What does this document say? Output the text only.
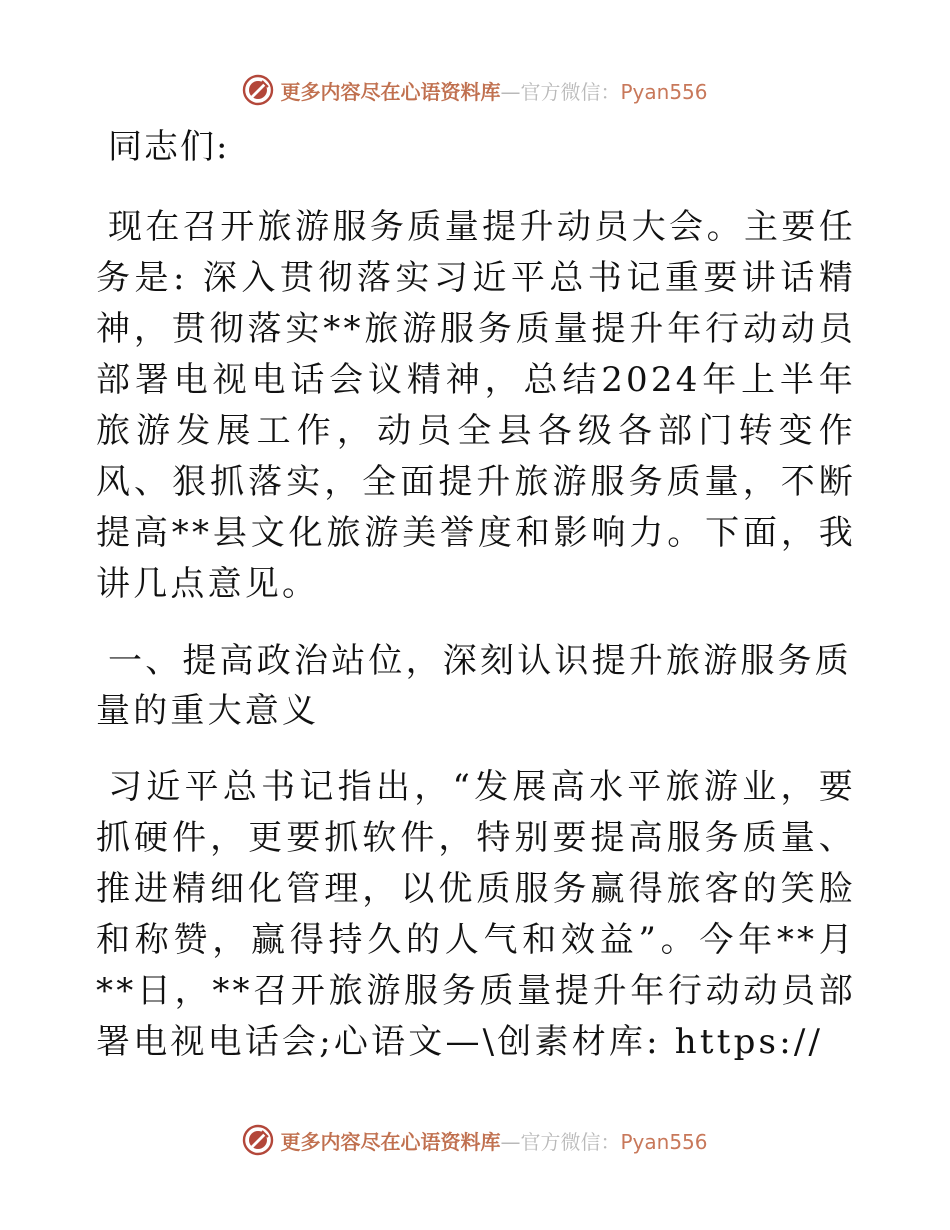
更多内容尽在心语资料库—官方微信：Pyan556
同志们:

现在召开旅游服务质量提升动员大会。主要任务是: 深入贯彻落实习近平总书记重要讲话精神，贯彻落实**旅游服务质量提升年行动动员部署电视电话会议精神，总结2024年上半年旅游发展工作，动员全县各级各部门转变作风、狠抓落实，全面提升旅游服务质量，不断提高**县文化旅游美誉度和影响力。下面，我讲几点意见。

一、提高政治站位，深刻认识提升旅游服务质量的重大意义

习近平总书记指出，“发展高水平旅游业，要抓硬件，更要抓软件，特别要提高服务质量、推进精细化管理，以优质服务赢得旅客的笑脸和称赞，赢得持久的人气和效益”。今年**月**日，**召开旅游服务质量提升年行动动员部署电视电话会;心语文—\创素材库: https://

更多内容尽在心语资料库—官方微信：Pyan556
